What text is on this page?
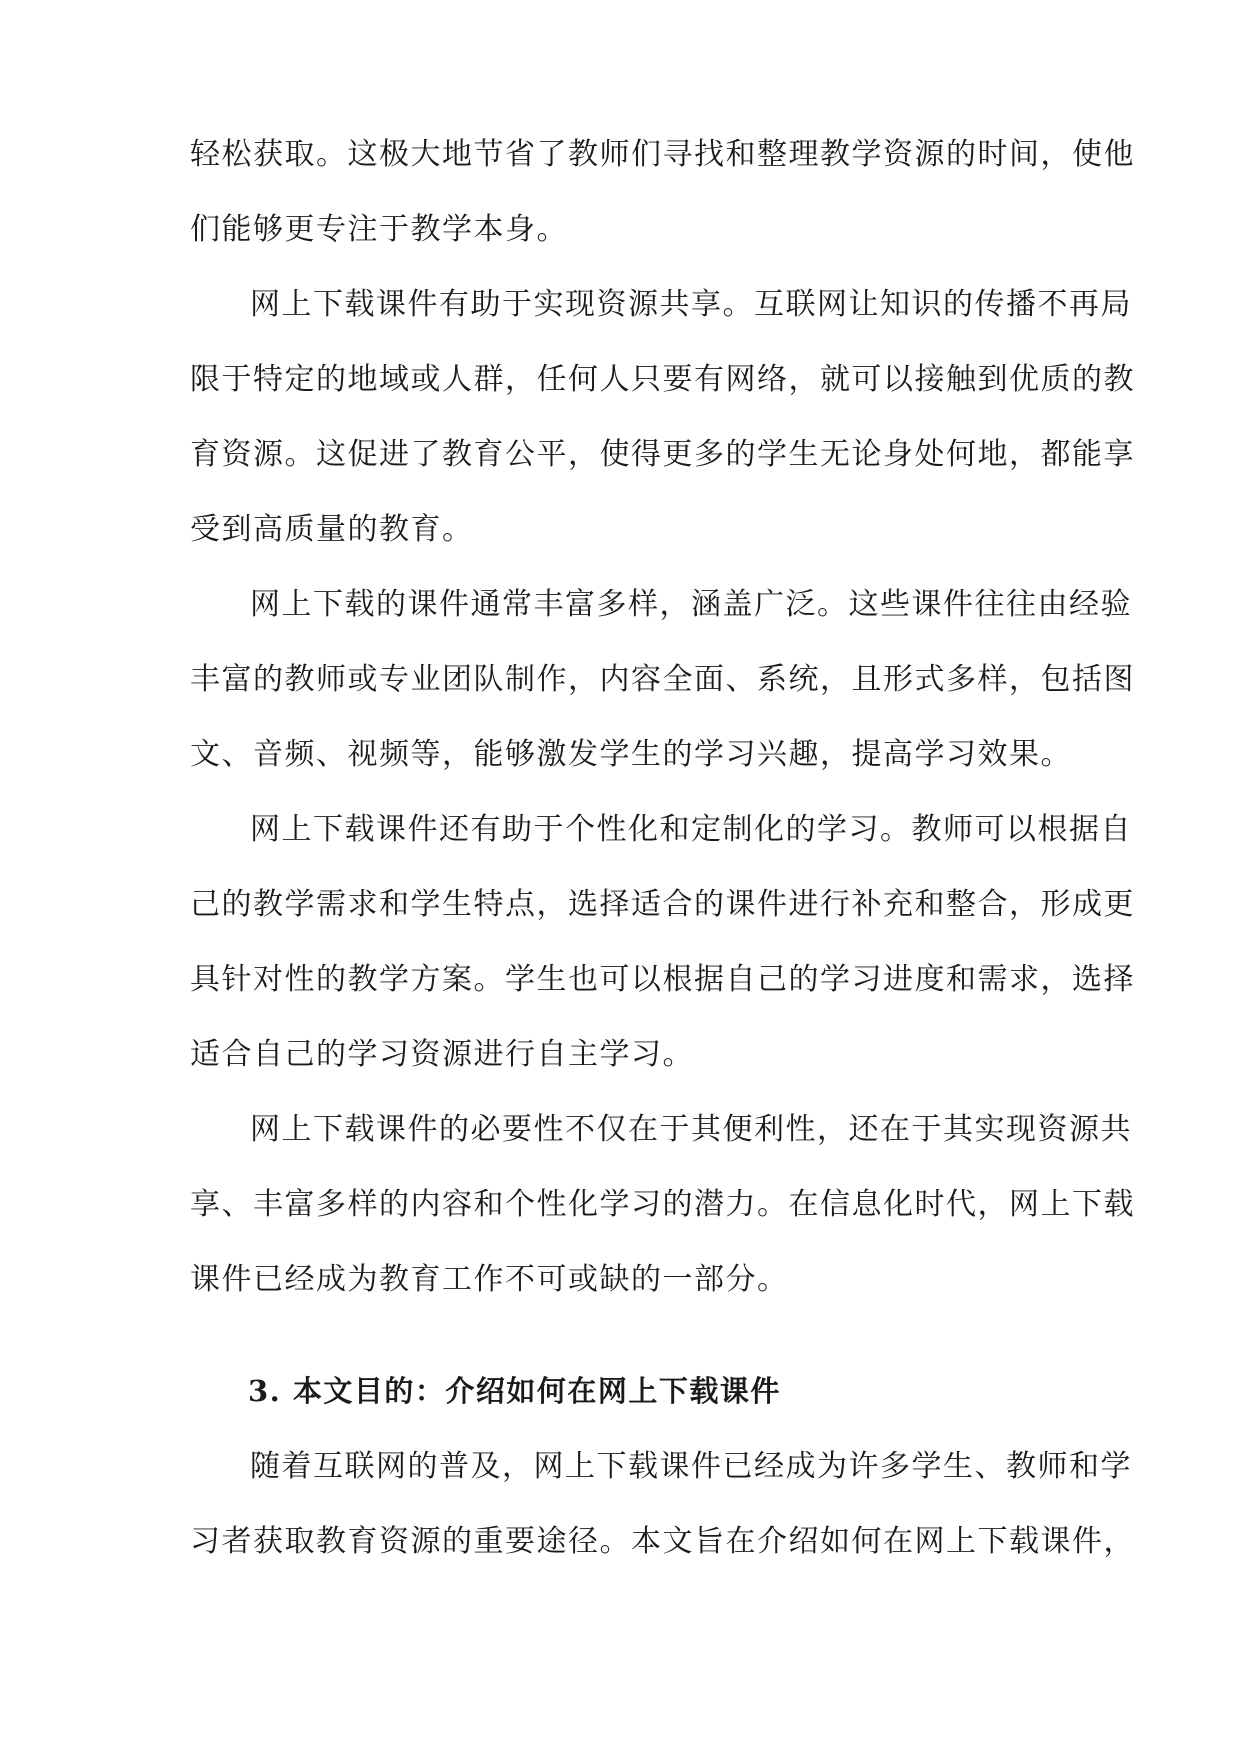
轻松获取。这极大地节省了教师们寻找和整理教学资源的时间，使他
们能够更专注于教学本身。
网上下载课件有助于实现资源共享。互联网让知识的传播不再局
限于特定的地域或人群，任何人只要有网络，就可以接触到优质的教
育资源。这促进了教育公平，使得更多的学生无论身处何地，都能享
受到高质量的教育。
网上下载的课件通常丰富多样，涵盖广泛。这些课件往往由经验
丰富的教师或专业团队制作，内容全面、系统，且形式多样，包括图
文、音频、视频等，能够激发学生的学习兴趣，提高学习效果。
网上下载课件还有助于个性化和定制化的学习。教师可以根据自
己的教学需求和学生特点，选择适合的课件进行补充和整合，形成更
具针对性的教学方案。学生也可以根据自己的学习进度和需求，选择
适合自己的学习资源进行自主学习。
网上下载课件的必要性不仅在于其便利性，还在于其实现资源共
享、丰富多样的内容和个性化学习的潜力。在信息化时代，网上下载
课件已经成为教育工作不可或缺的一部分。
3. 本文目的：介绍如何在网上下载课件
随着互联网的普及，网上下载课件已经成为许多学生、教师和学
习者获取教育资源的重要途径。本文旨在介绍如何在网上下载课件，
